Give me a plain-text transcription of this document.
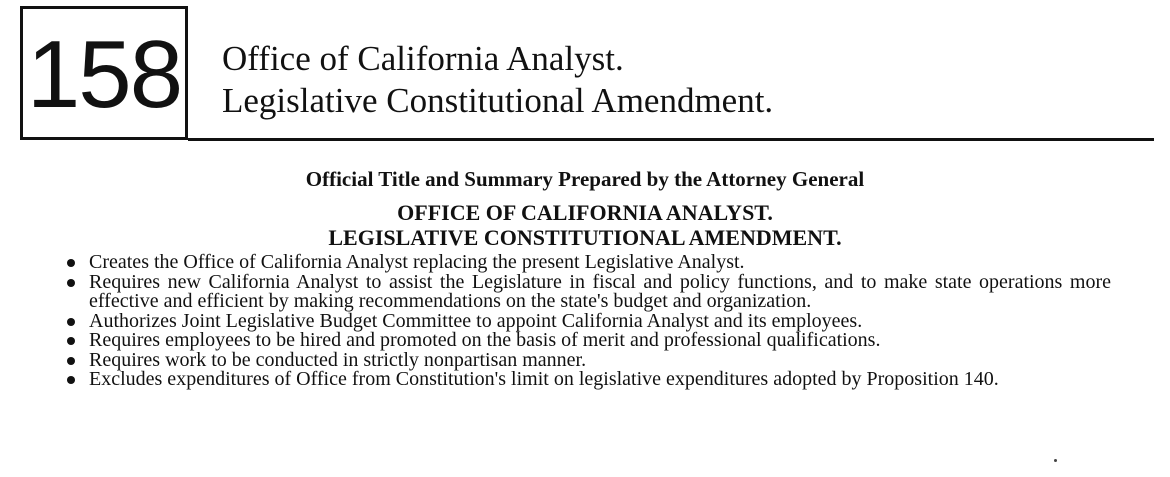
158 Office of California Analyst.
Legislative Constitutional Amendment.
Official Title and Summary Prepared by the Attorney General
OFFICE OF CALIFORNIA ANALYST.
LEGISLATIVE CONSTITUTIONAL AMENDMENT.
Creates the Office of California Analyst replacing the present Legislative Analyst.
Requires new California Analyst to assist the Legislature in fiscal and policy functions, and to make state operations more effective and efficient by making recommendations on the state's budget and organization.
Authorizes Joint Legislative Budget Committee to appoint California Analyst and its employees.
Requires employees to be hired and promoted on the basis of merit and professional qualifications.
Requires work to be conducted in strictly nonpartisan manner.
Excludes expenditures of Office from Constitution's limit on legislative expenditures adopted by Proposition 140.
